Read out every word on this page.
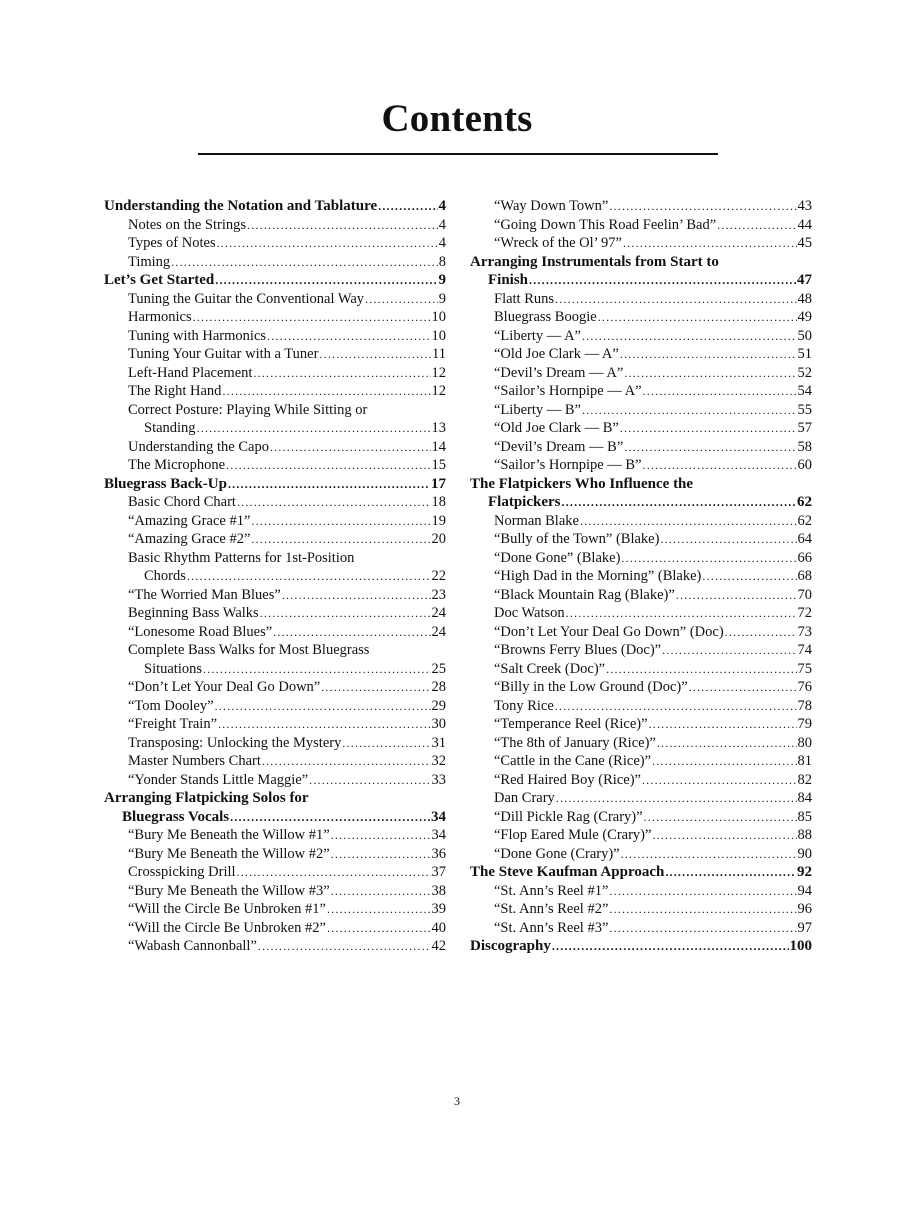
Contents
Understanding the Notation and Tablature .....	4
Notes on the Strings .....	4
Types of Notes .....	4
Timing .....	8
Let’s Get Started .....	9
Tuning the Guitar the Conventional Way .....	9
Harmonics .....	10
Tuning with Harmonics .....	10
Tuning Your Guitar with a Tuner .....	11
Left-Hand Placement .....	12
The Right Hand .....	12
Correct Posture: Playing While Sitting or
Standing .....	13
Understanding the Capo .....	14
The Microphone .....	15
Bluegrass Back-Up .....	17
Basic Chord Chart .....	18
“Amazing Grace #1” .....	19
“Amazing Grace #2” .....	20
Basic Rhythm Patterns for 1st-Position
Chords .....	22
“The Worried Man Blues” .....	23
Beginning Bass Walks .....	24
“Lonesome Road Blues” .....	24
Complete Bass Walks for Most Bluegrass
Situations .....	25
“Don’t Let Your Deal Go Down” .....	28
“Tom Dooley” .....	29
“Freight Train” .....	30
Transposing: Unlocking the Mystery .....	31
Master Numbers Chart .....	32
“Yonder Stands Little Maggie” .....	33
Arranging Flatpicking Solos for
Bluegrass Vocals .....	34
“Bury Me Beneath the Willow #1” .....	34
“Bury Me Beneath the Willow #2” .....	36
Crosspicking Drill .....	37
“Bury Me Beneath the Willow #3” .....	38
“Will the Circle Be Unbroken #1” .....	39
“Will the Circle Be Unbroken #2” .....	40
“Wabash Cannonball” .....	42
“Way Down Town” .....	43
“Going Down This Road Feelin’ Bad” .....	44
“Wreck of the Ol’ 97” .....	45
Arranging Instrumentals from Start to
Finish .....	47
Flatt Runs .....	48
Bluegrass Boogie .....	49
“Liberty — A” .....	50
“Old Joe Clark — A” .....	51
“Devil’s Dream — A” .....	52
“Sailor’s Hornpipe — A” .....	54
“Liberty — B” .....	55
“Old Joe Clark — B” .....	57
“Devil’s Dream — B” .....	58
“Sailor’s Hornpipe — B” .....	60
The Flatpickers Who Influence the
Flatpickers .....	62
Norman Blake .....	62
“Bully of the Town” (Blake) .....	64
“Done Gone” (Blake) .....	66
“High Dad in the Morning” (Blake) .....	68
“Black Mountain Rag (Blake)” .....	70
Doc Watson .....	72
“Don’t Let Your Deal Go Down” (Doc) .....	73
“Browns Ferry Blues (Doc)” .....	74
“Salt Creek (Doc)” .....	75
“Billy in the Low Ground (Doc)” .....	76
Tony Rice .....	78
“Temperance Reel (Rice)” .....	79
“The 8th of January (Rice)” .....	80
“Cattle in the Cane (Rice)” .....	81
“Red Haired Boy (Rice)” .....	82
Dan Crary .....	84
“Dill Pickle Rag (Crary)” .....	85
“Flop Eared Mule (Crary)” .....	88
“Done Gone (Crary)” .....	90
The Steve Kaufman Approach .....	92
“St. Ann’s Reel #1” .....	94
“St. Ann’s Reel #2” .....	96
“St. Ann’s Reel #3” .....	97
Discography .....	100
3
